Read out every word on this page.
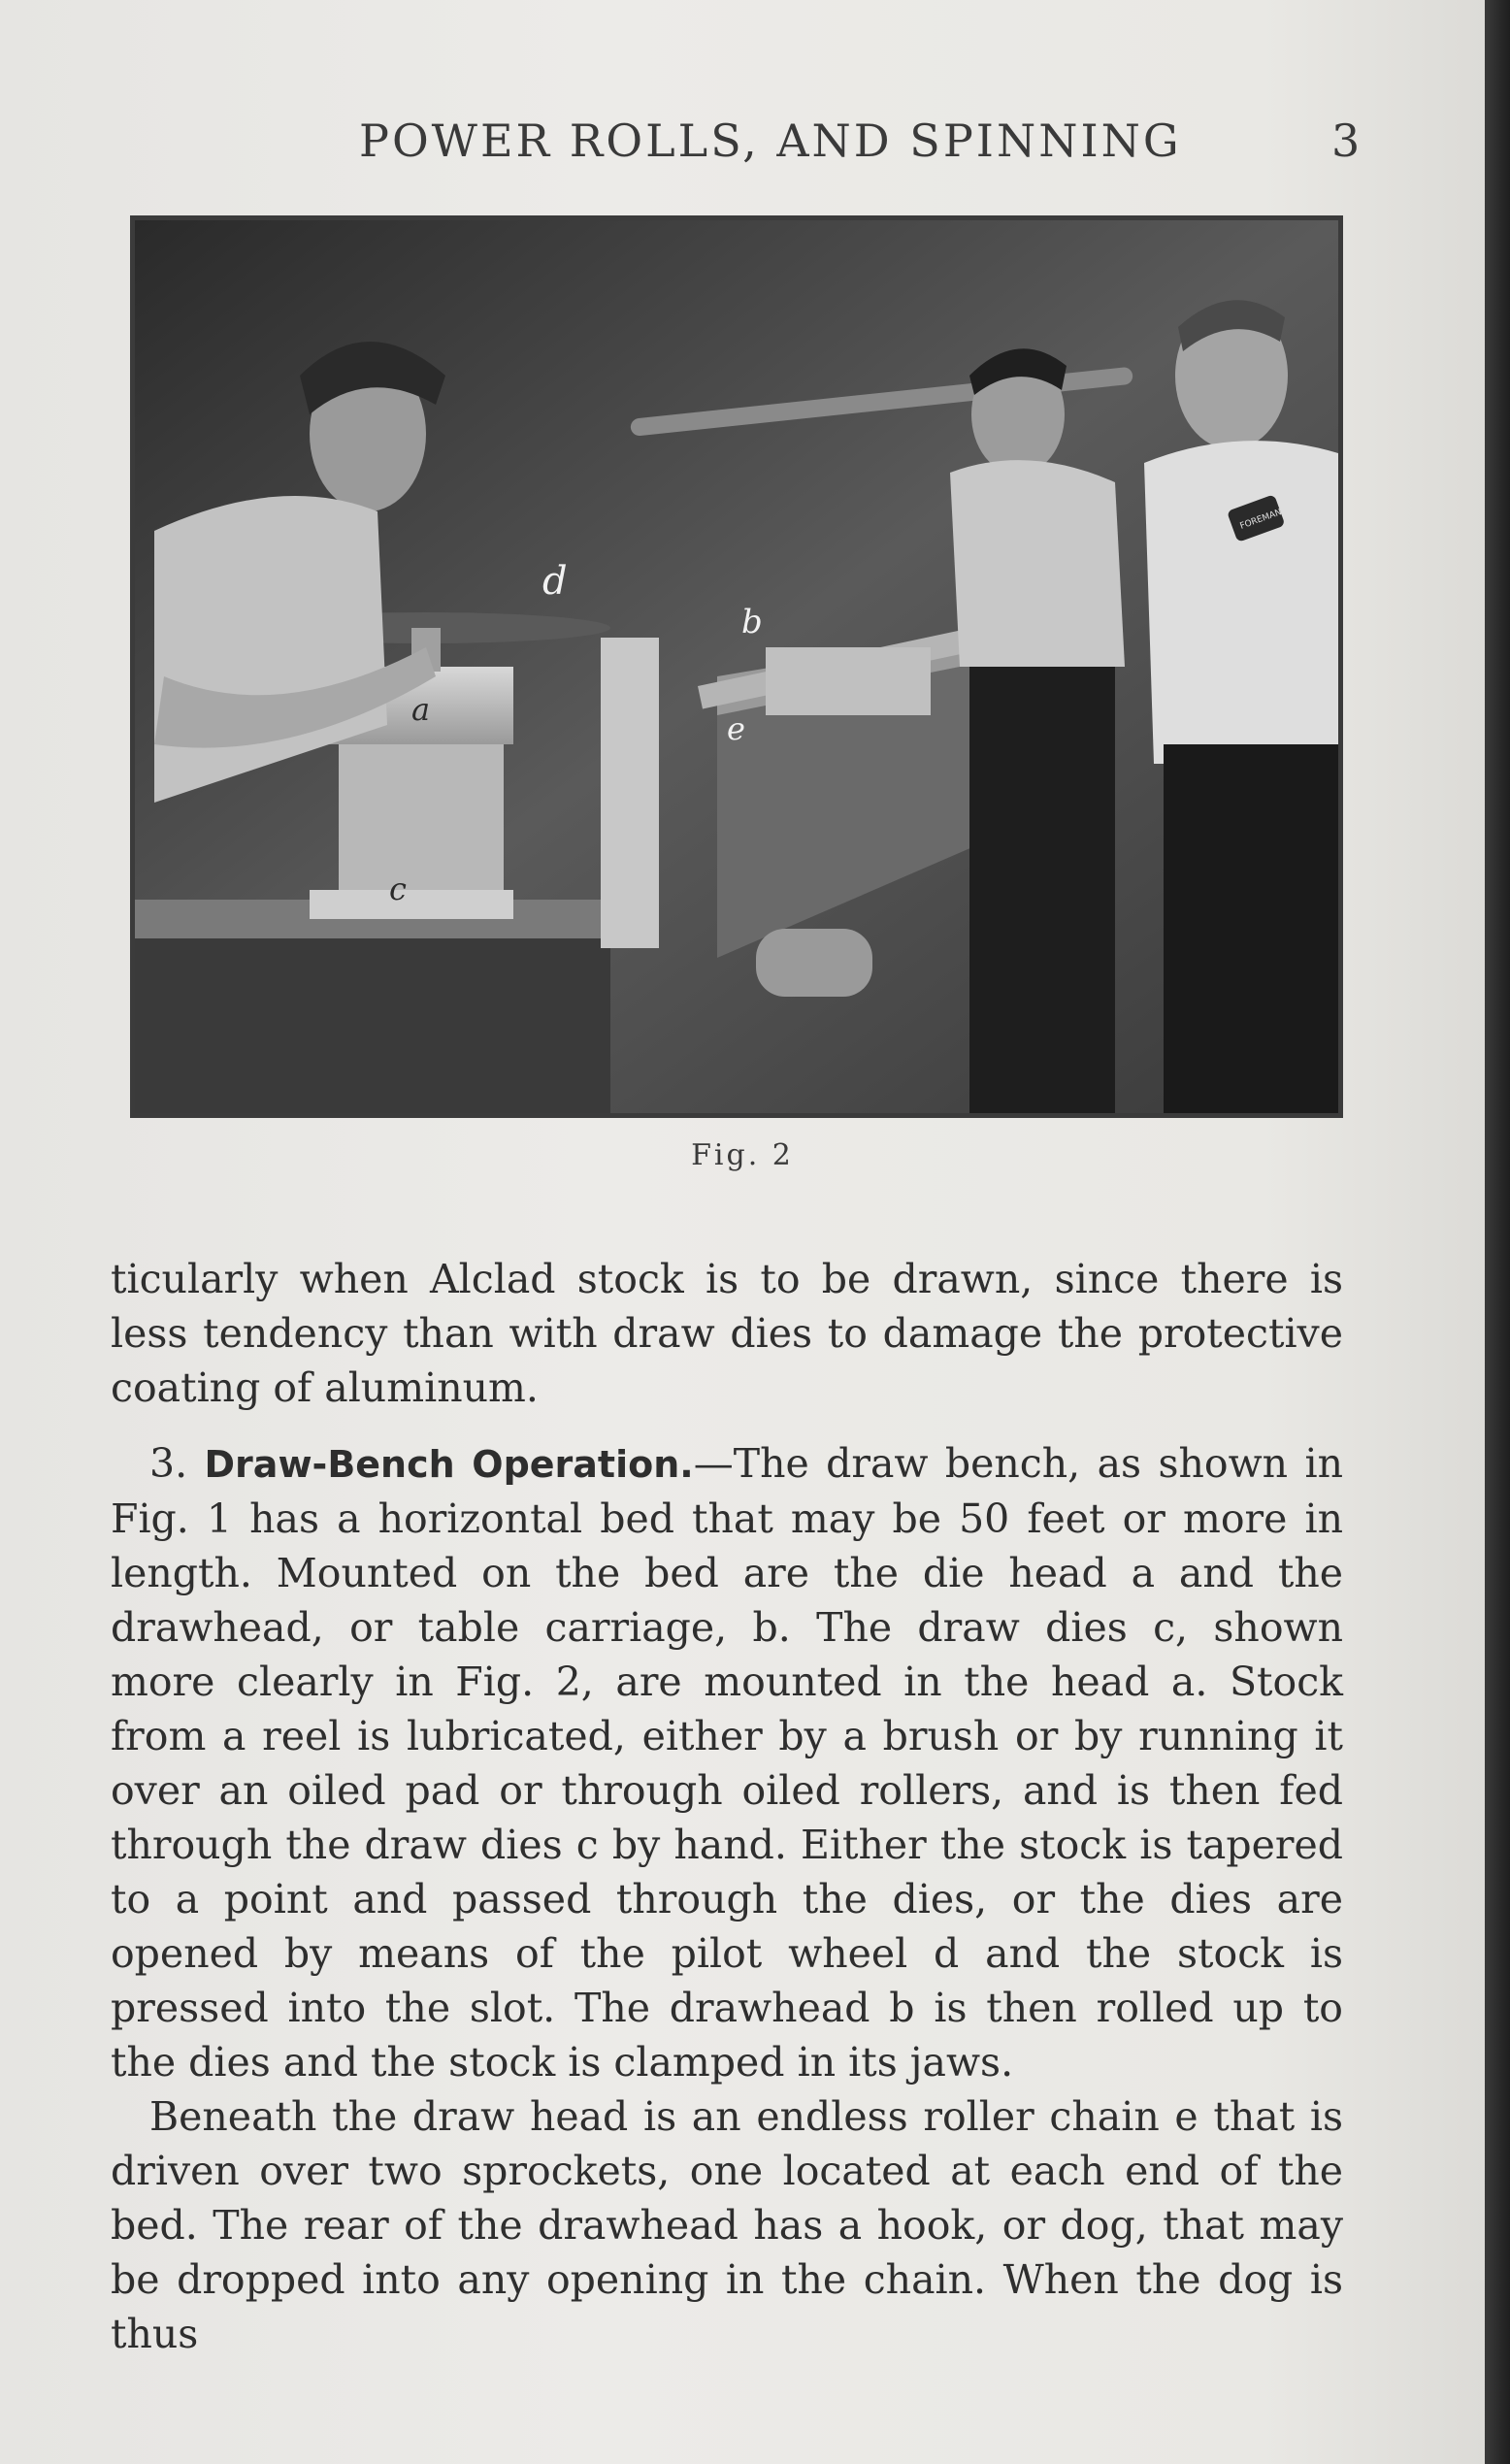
POWER ROLLS, AND SPINNING	3
FOREMAN
d
b
a
e
c
Fig. 2

ticularly when Alclad stock is to be drawn, since there is less tendency than with draw dies to damage the protective coating of aluminum.

3. Draw-Bench Operation.—The draw bench, as shown in Fig. 1 has a horizontal bed that may be 50 feet or more in length. Mounted on the bed are the die head a and the drawhead, or table carriage, b. The draw dies c, shown more clearly in Fig. 2, are mounted in the head a. Stock from a reel is lubricated, either by a brush or by running it over an oiled pad or through oiled rollers, and is then fed through the draw dies c by hand. Either the stock is tapered to a point and passed through the dies, or the dies are opened by means of the pilot wheel d and the stock is pressed into the slot. The drawhead b is then rolled up to the dies and the stock is clamped in its jaws.

Beneath the draw head is an endless roller chain e that is driven over two sprockets, one located at each end of the bed. The rear of the drawhead has a hook, or dog, that may be dropped into any opening in the chain. When the dog is thus
